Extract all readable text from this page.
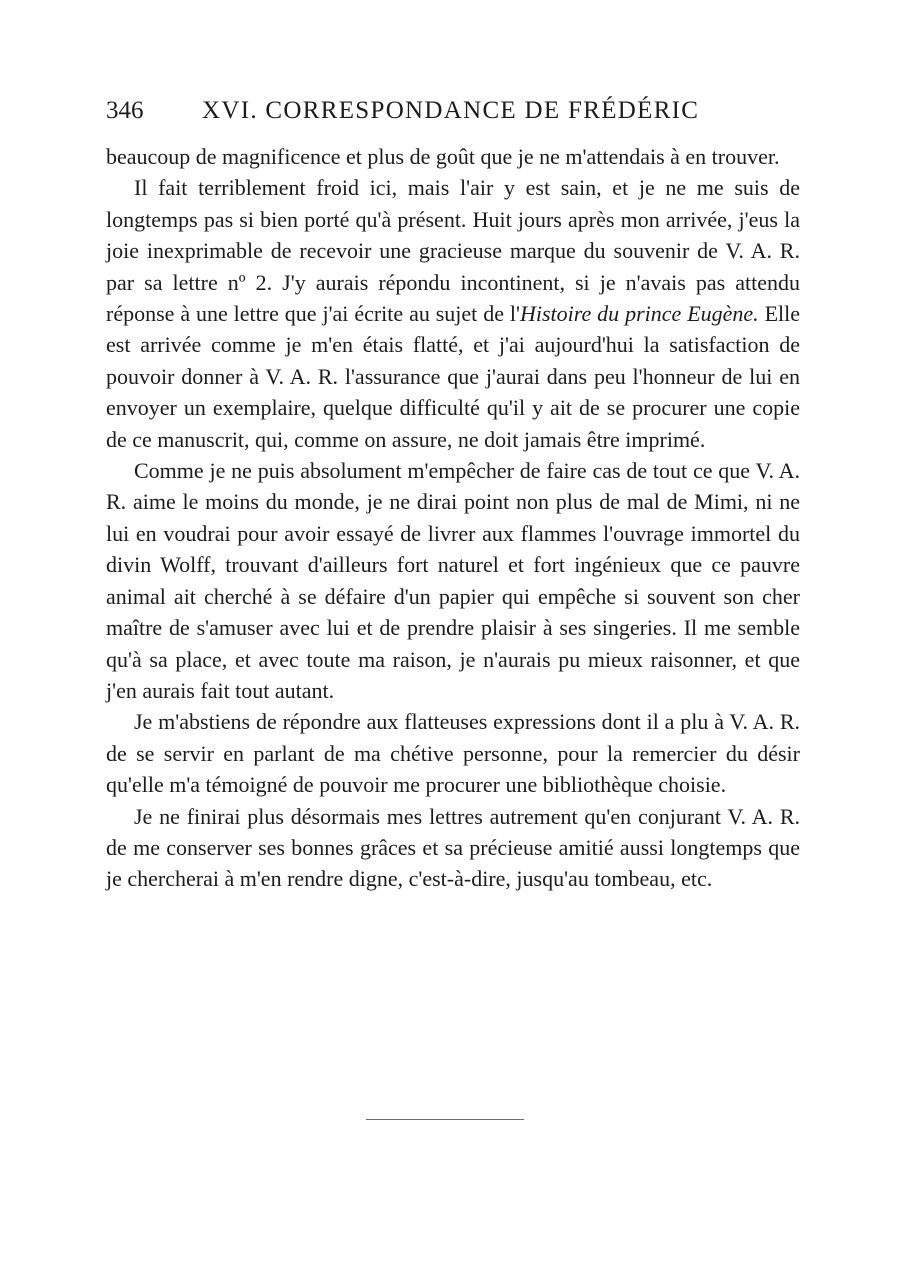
346 XVI. CORRESPONDANCE DE FRÉDÉRIC

beaucoup de magnificence et plus de goût que je ne m'attendais à en trouver.

Il fait terriblement froid ici, mais l'air y est sain, et je ne me suis de longtemps pas si bien porté qu'à présent. Huit jours après mon arrivée, j'eus la joie inexprimable de recevoir une gracieuse marque du souvenir de V. A. R. par sa lettre nº 2. J'y aurais répondu incontinent, si je n'avais pas attendu réponse à une lettre que j'ai écrite au sujet de l'Histoire du prince Eugène. Elle est arrivée comme je m'en étais flatté, et j'ai aujourd'hui la satisfaction de pouvoir donner à V. A. R. l'assurance que j'aurai dans peu l'honneur de lui en envoyer un exemplaire, quelque difficulté qu'il y ait de se procurer une copie de ce manuscrit, qui, comme on assure, ne doit jamais être imprimé.

Comme je ne puis absolument m'empêcher de faire cas de tout ce que V. A. R. aime le moins du monde, je ne dirai point non plus de mal de Mimi, ni ne lui en voudrai pour avoir essayé de livrer aux flammes l'ouvrage immortel du divin Wolff, trouvant d'ailleurs fort naturel et fort ingénieux que ce pauvre animal ait cherché à se défaire d'un papier qui empêche si souvent son cher maître de s'amuser avec lui et de prendre plaisir à ses singeries. Il me semble qu'à sa place, et avec toute ma raison, je n'aurais pu mieux raisonner, et que j'en aurais fait tout autant.

Je m'abstiens de répondre aux flatteuses expressions dont il a plu à V. A. R. de se servir en parlant de ma chétive personne, pour la remercier du désir qu'elle m'a témoigné de pouvoir me procurer une bibliothèque choisie.

Je ne finirai plus désormais mes lettres autrement qu'en conjurant V. A. R. de me conserver ses bonnes grâces et sa précieuse amitié aussi longtemps que je chercherai à m'en rendre digne, c'est-à-dire, jusqu'au tombeau, etc.
